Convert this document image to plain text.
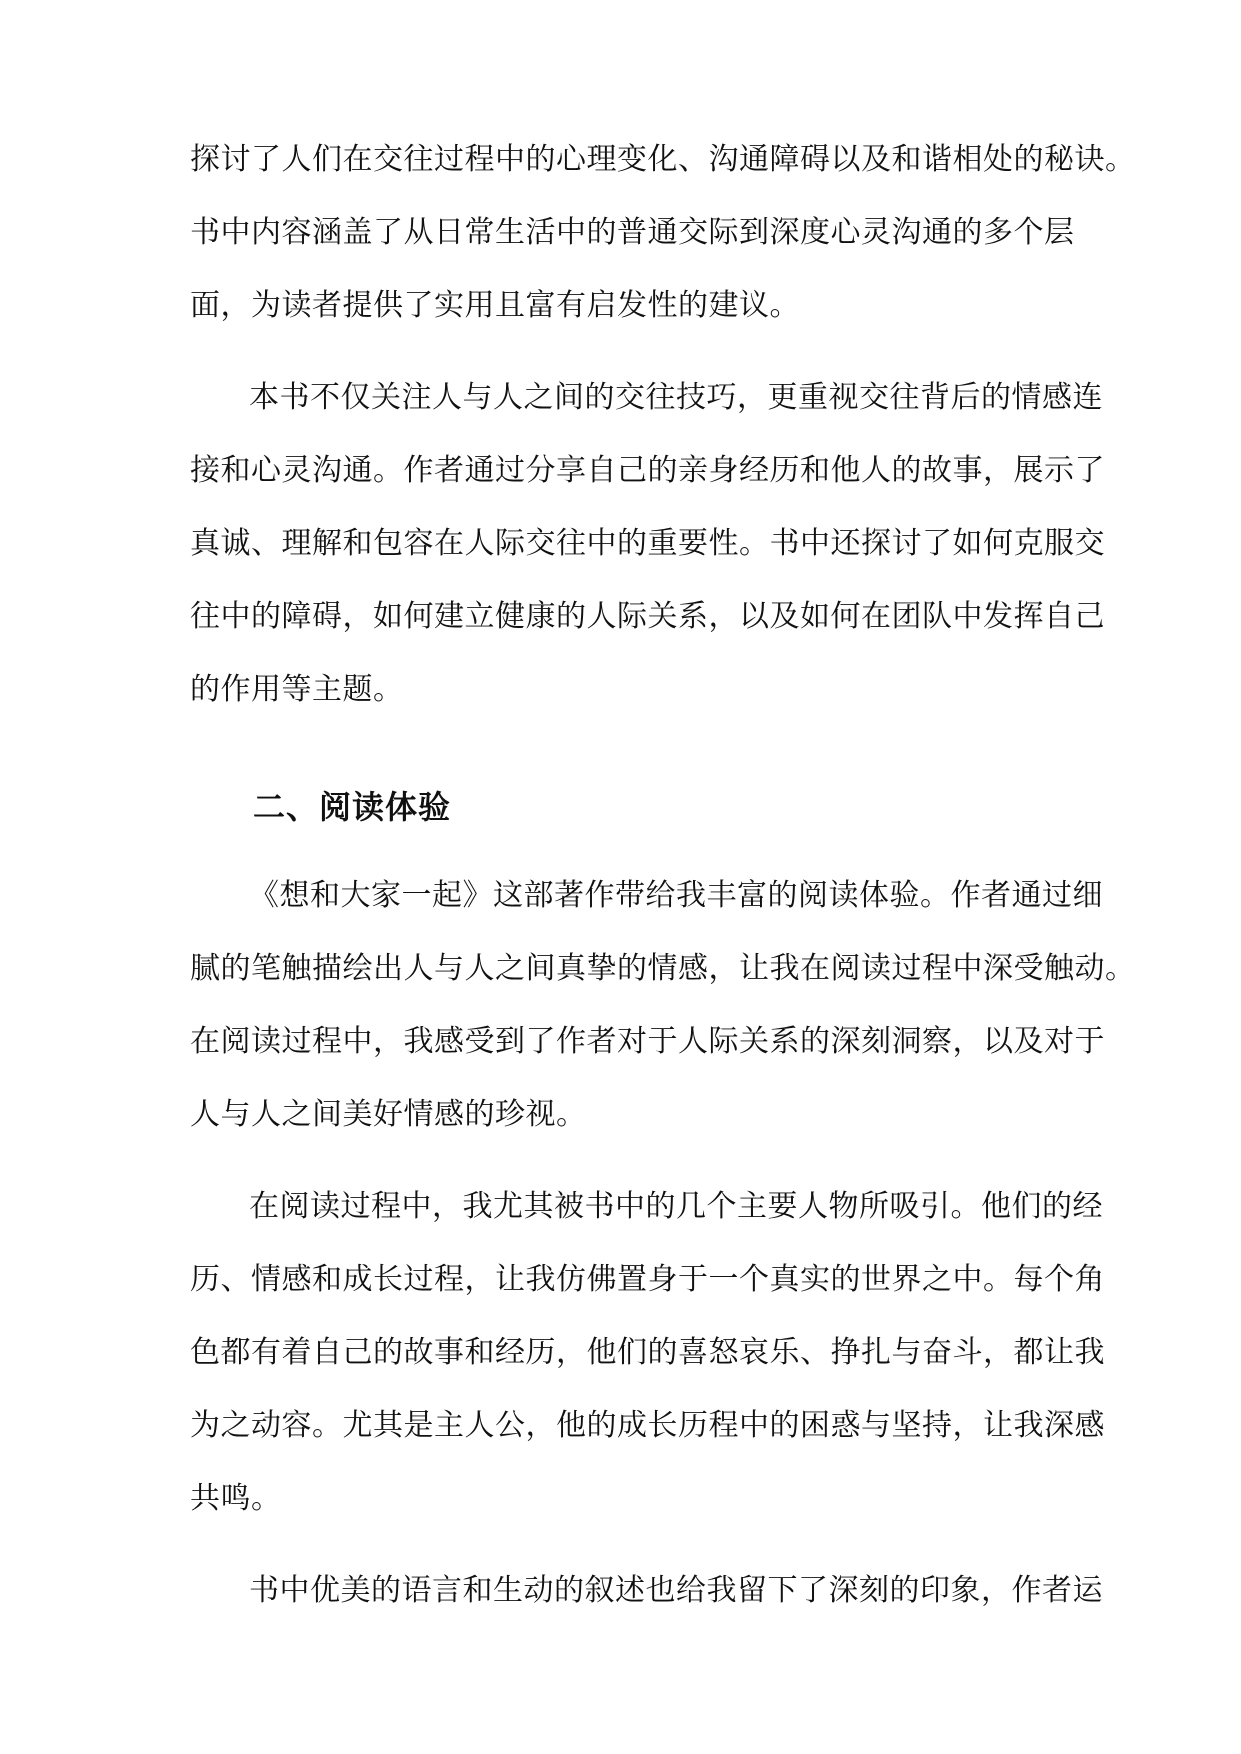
探讨了人们在交往过程中的心理变化、沟通障碍以及和谐相处的秘诀。
书中内容涵盖了从日常生活中的普通交际到深度心灵沟通的多个层
面，为读者提供了实用且富有启发性的建议。
本书不仅关注人与人之间的交往技巧，更重视交往背后的情感连
接和心灵沟通。作者通过分享自己的亲身经历和他人的故事，展示了
真诚、理解和包容在人际交往中的重要性。书中还探讨了如何克服交
往中的障碍，如何建立健康的人际关系，以及如何在团队中发挥自己
的作用等主题。
二、阅读体验
《想和大家一起》这部著作带给我丰富的阅读体验。作者通过细
腻的笔触描绘出人与人之间真挚的情感，让我在阅读过程中深受触动。
在阅读过程中，我感受到了作者对于人际关系的深刻洞察，以及对于
人与人之间美好情感的珍视。
在阅读过程中，我尤其被书中的几个主要人物所吸引。他们的经
历、情感和成长过程，让我仿佛置身于一个真实的世界之中。每个角
色都有着自己的故事和经历，他们的喜怒哀乐、挣扎与奋斗，都让我
为之动容。尤其是主人公，他的成长历程中的困惑与坚持，让我深感
共鸣。
书中优美的语言和生动的叙述也给我留下了深刻的印象，作者运
